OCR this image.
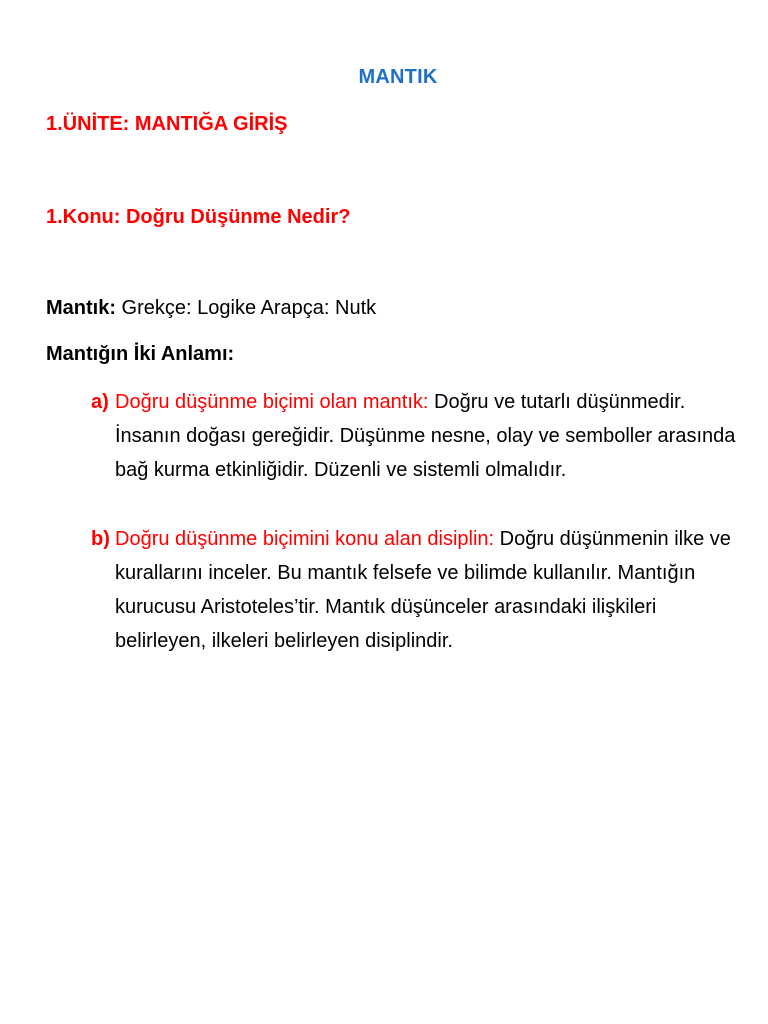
MANTIK
1.ÜNİTE: MANTIĞA GİRİŞ
1.Konu: Doğru Düşünme Nedir?
Mantık: Grekçe: Logike Arapça: Nutk
Mantığın İki Anlamı:
a) Doğru düşünme biçimi olan mantık: Doğru ve tutarlı düşünmedir. İnsanın doğası gereğidir. Düşünme nesne, olay ve semboller arasında bağ kurma etkinliğidir. Düzenli ve sistemli olmalıdır.
b) Doğru düşünme biçimini konu alan disiplin: Doğru düşünmenin ilke ve kurallarını inceler. Bu mantık felsefe ve bilimde kullanılır. Mantığın kurucusu Aristoteles’tir. Mantık düşünceler arasındaki ilişkileri belirleyen, ilkeleri belirleyen disiplindir.
